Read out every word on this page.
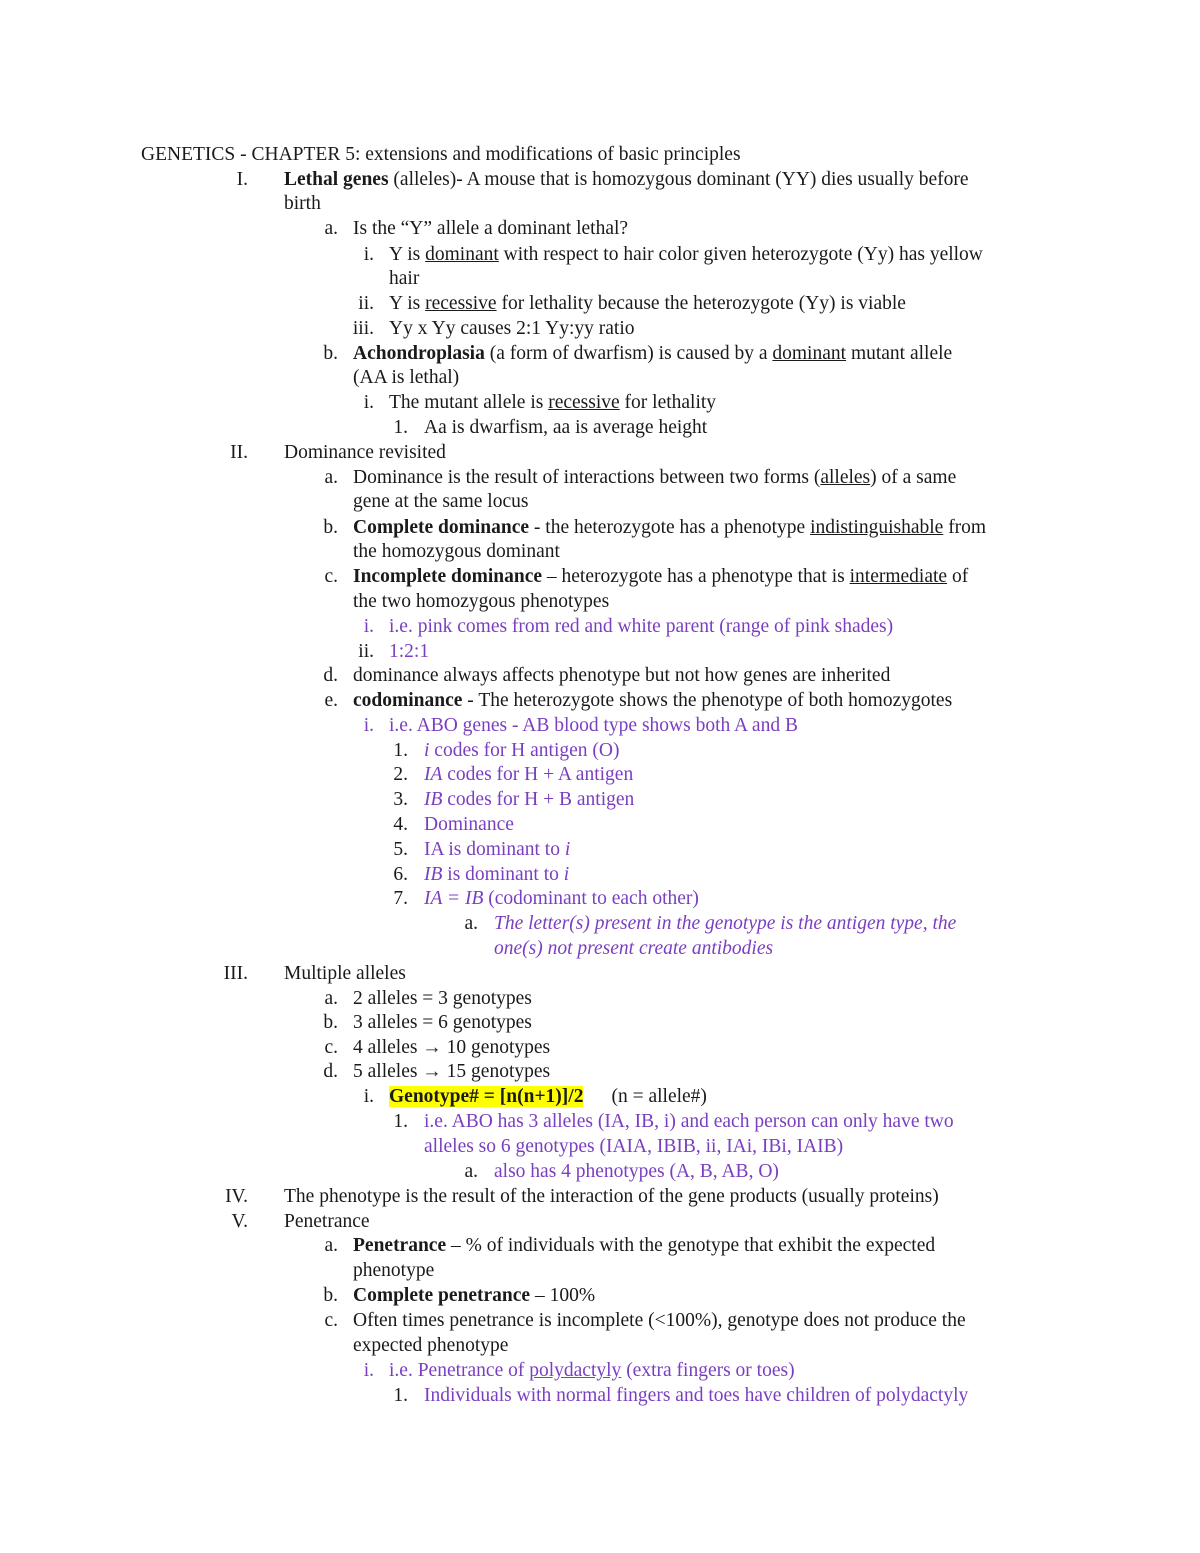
GENETICS - CHAPTER 5: extensions and modifications of basic principles
I. Lethal genes (alleles)- A mouse that is homozygous dominant (YY) dies usually before
birth
a. Is the “Y” allele a dominant lethal?
i. Y is dominant with respect to hair color given heterozygote (Yy) has yellow
hair
ii. Y is recessive for lethality because the heterozygote (Yy) is viable
iii. Yy x Yy causes 2:1 Yy:yy ratio
b. Achondroplasia (a form of dwarfism) is caused by a dominant mutant allele
(AA is lethal)
i. The mutant allele is recessive for lethality
1. Aa is dwarfism, aa is average height
II. Dominance revisited
a. Dominance is the result of interactions between two forms (alleles) of a same
gene at the same locus
b. Complete dominance - the heterozygote has a phenotype indistinguishable from
the homozygous dominant
c. Incomplete dominance – heterozygote has a phenotype that is intermediate of
the two homozygous phenotypes
i. i.e. pink comes from red and white parent (range of pink shades)
ii. 1:2:1
d. dominance always affects phenotype but not how genes are inherited
e. codominance - The heterozygote shows the phenotype of both homozygotes
i. i.e. ABO genes - AB blood type shows both A and B
1. i codes for H antigen (O)
2. IA codes for H + A antigen
3. IB codes for H + B antigen
4. Dominance
5. IA is dominant to i
6. IB is dominant to i
7. IA = IB (codominant to each other)
a. The letter(s) present in the genotype is the antigen type, the
one(s) not present create antibodies
III. Multiple alleles
a. 2 alleles = 3 genotypes
b. 3 alleles = 6 genotypes
c. 4 alleles → 10 genotypes
d. 5 alleles → 15 genotypes
i. Genotype# = [n(n+1)]/2 (n = allele#)
1. i.e. ABO has 3 alleles (IA, IB, i) and each person can only have two
alleles so 6 genotypes (IAIA, IBIB, ii, IAi, IBi, IAIB)
a. also has 4 phenotypes (A, B, AB, O)
IV. The phenotype is the result of the interaction of the gene products (usually proteins)
V. Penetrance
a. Penetrance – % of individuals with the genotype that exhibit the expected
phenotype
b. Complete penetrance – 100%
c. Often times penetrance is incomplete (<100%), genotype does not produce the
expected phenotype
i. i.e. Penetrance of polydactyly (extra fingers or toes)
1. Individuals with normal fingers and toes have children of polydactyly
